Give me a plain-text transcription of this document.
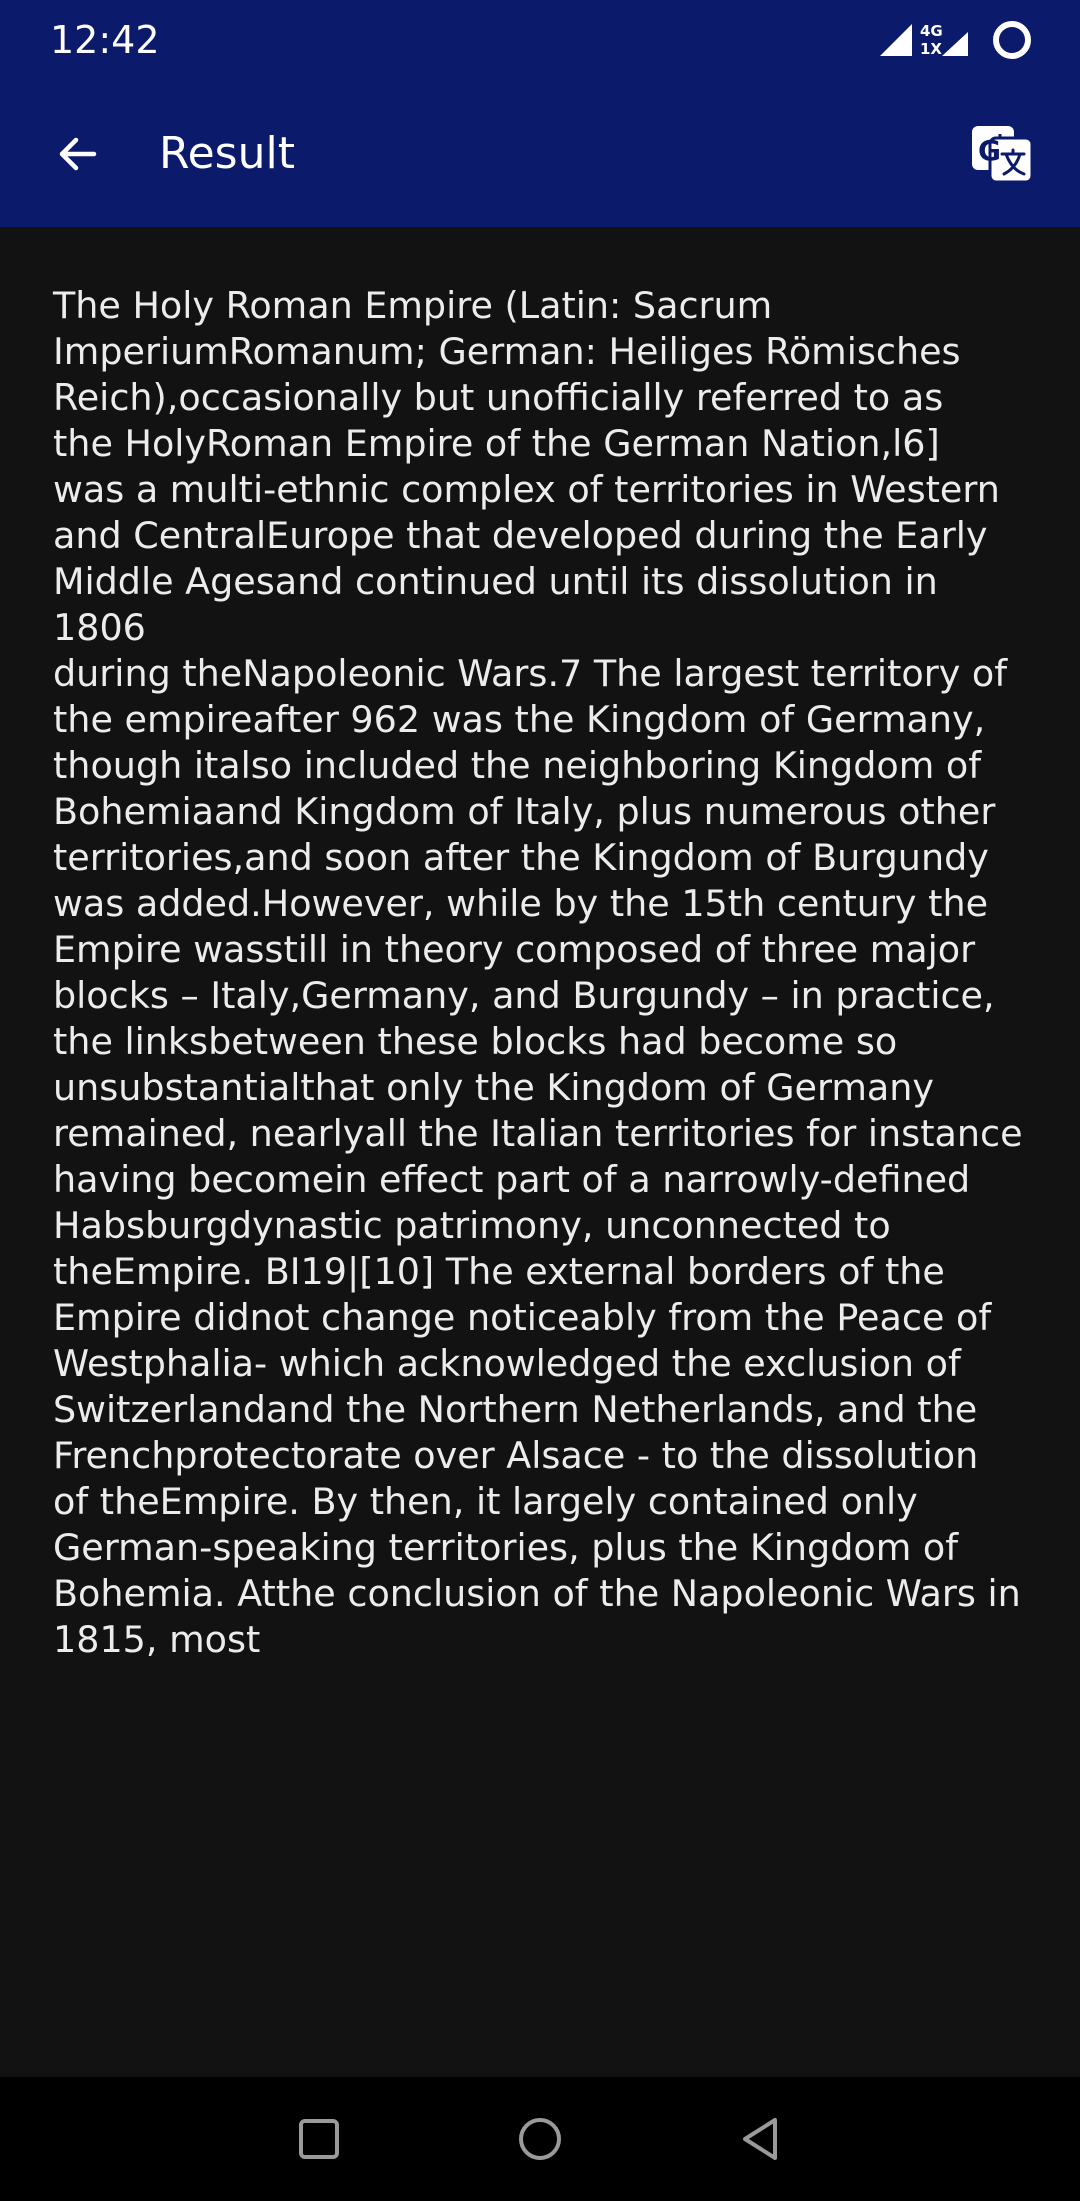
12:42	4G
1X
Result	G

The Holy Roman Empire (Latin: Sacrum
ImperiumRomanum; German: Heiliges Römisches
Reich),occasionally but unofficially referred to as
the HolyRoman Empire of the German Nation,l6]
was a multi-ethnic complex of territories in Western
and CentralEurope that developed during the Early
Middle Agesand continued until its dissolution in 1806
during theNapoleonic Wars.7 The largest territory of
the empireafter 962 was the Kingdom of Germany,
though italso included the neighboring Kingdom of
Bohemiaand Kingdom of Italy, plus numerous other
territories,and soon after the Kingdom of Burgundy
was added.However, while by the 15th century the
Empire wasstill in theory composed of three major
blocks – Italy,Germany, and Burgundy – in practice,
the linksbetween these blocks had become so
unsubstantialthat only the Kingdom of Germany
remained, nearlyall the Italian territories for instance
having becomein effect part of a narrowly-defined
Habsburgdynastic patrimony, unconnected to
theEmpire. BI19|[10] The external borders of the
Empire didnot change noticeably from the Peace of
Westphalia- which acknowledged the exclusion of
Switzerlandand the Northern Netherlands, and the
Frenchprotectorate over Alsace - to the dissolution
of theEmpire. By then, it largely contained only
German-speaking territories, plus the Kingdom of
Bohemia. Atthe conclusion of the Napoleonic Wars in
1815, most
